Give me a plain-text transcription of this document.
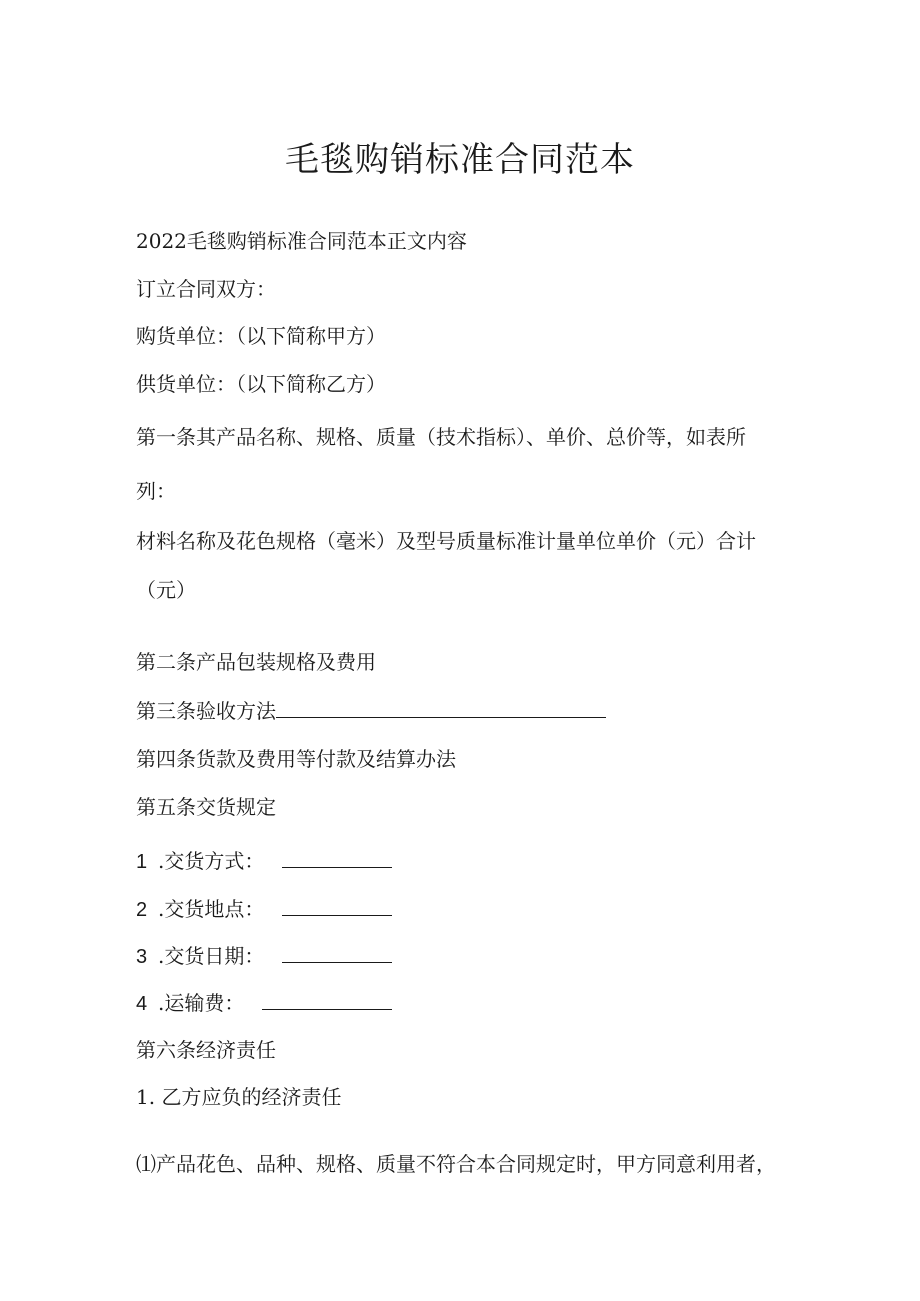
毛毯购销标准合同范本

2022毛毯购销标准合同范本正文内容

订立合同双方：

购货单位：（以下简称甲方）

供货单位：（以下简称乙方）

第一条其产品名称、规格、质量（技术指标）、单价、总价等，如表所

列：

材料名称及花色规格（毫米）及型号质量标准计量单位单价（元）合计

（元）

第二条产品包装规格及费用

第三条验收方法

第四条货款及费用等付款及结算办法

第五条交货规定

1 .交货方式：

2 .交货地点：

3 .交货日期：

4 .运输费：

第六条经济责任

1. 乙方应负的经济责任

⑴产品花色、品种、规格、质量不符合本合同规定时，甲方同意利用者，
